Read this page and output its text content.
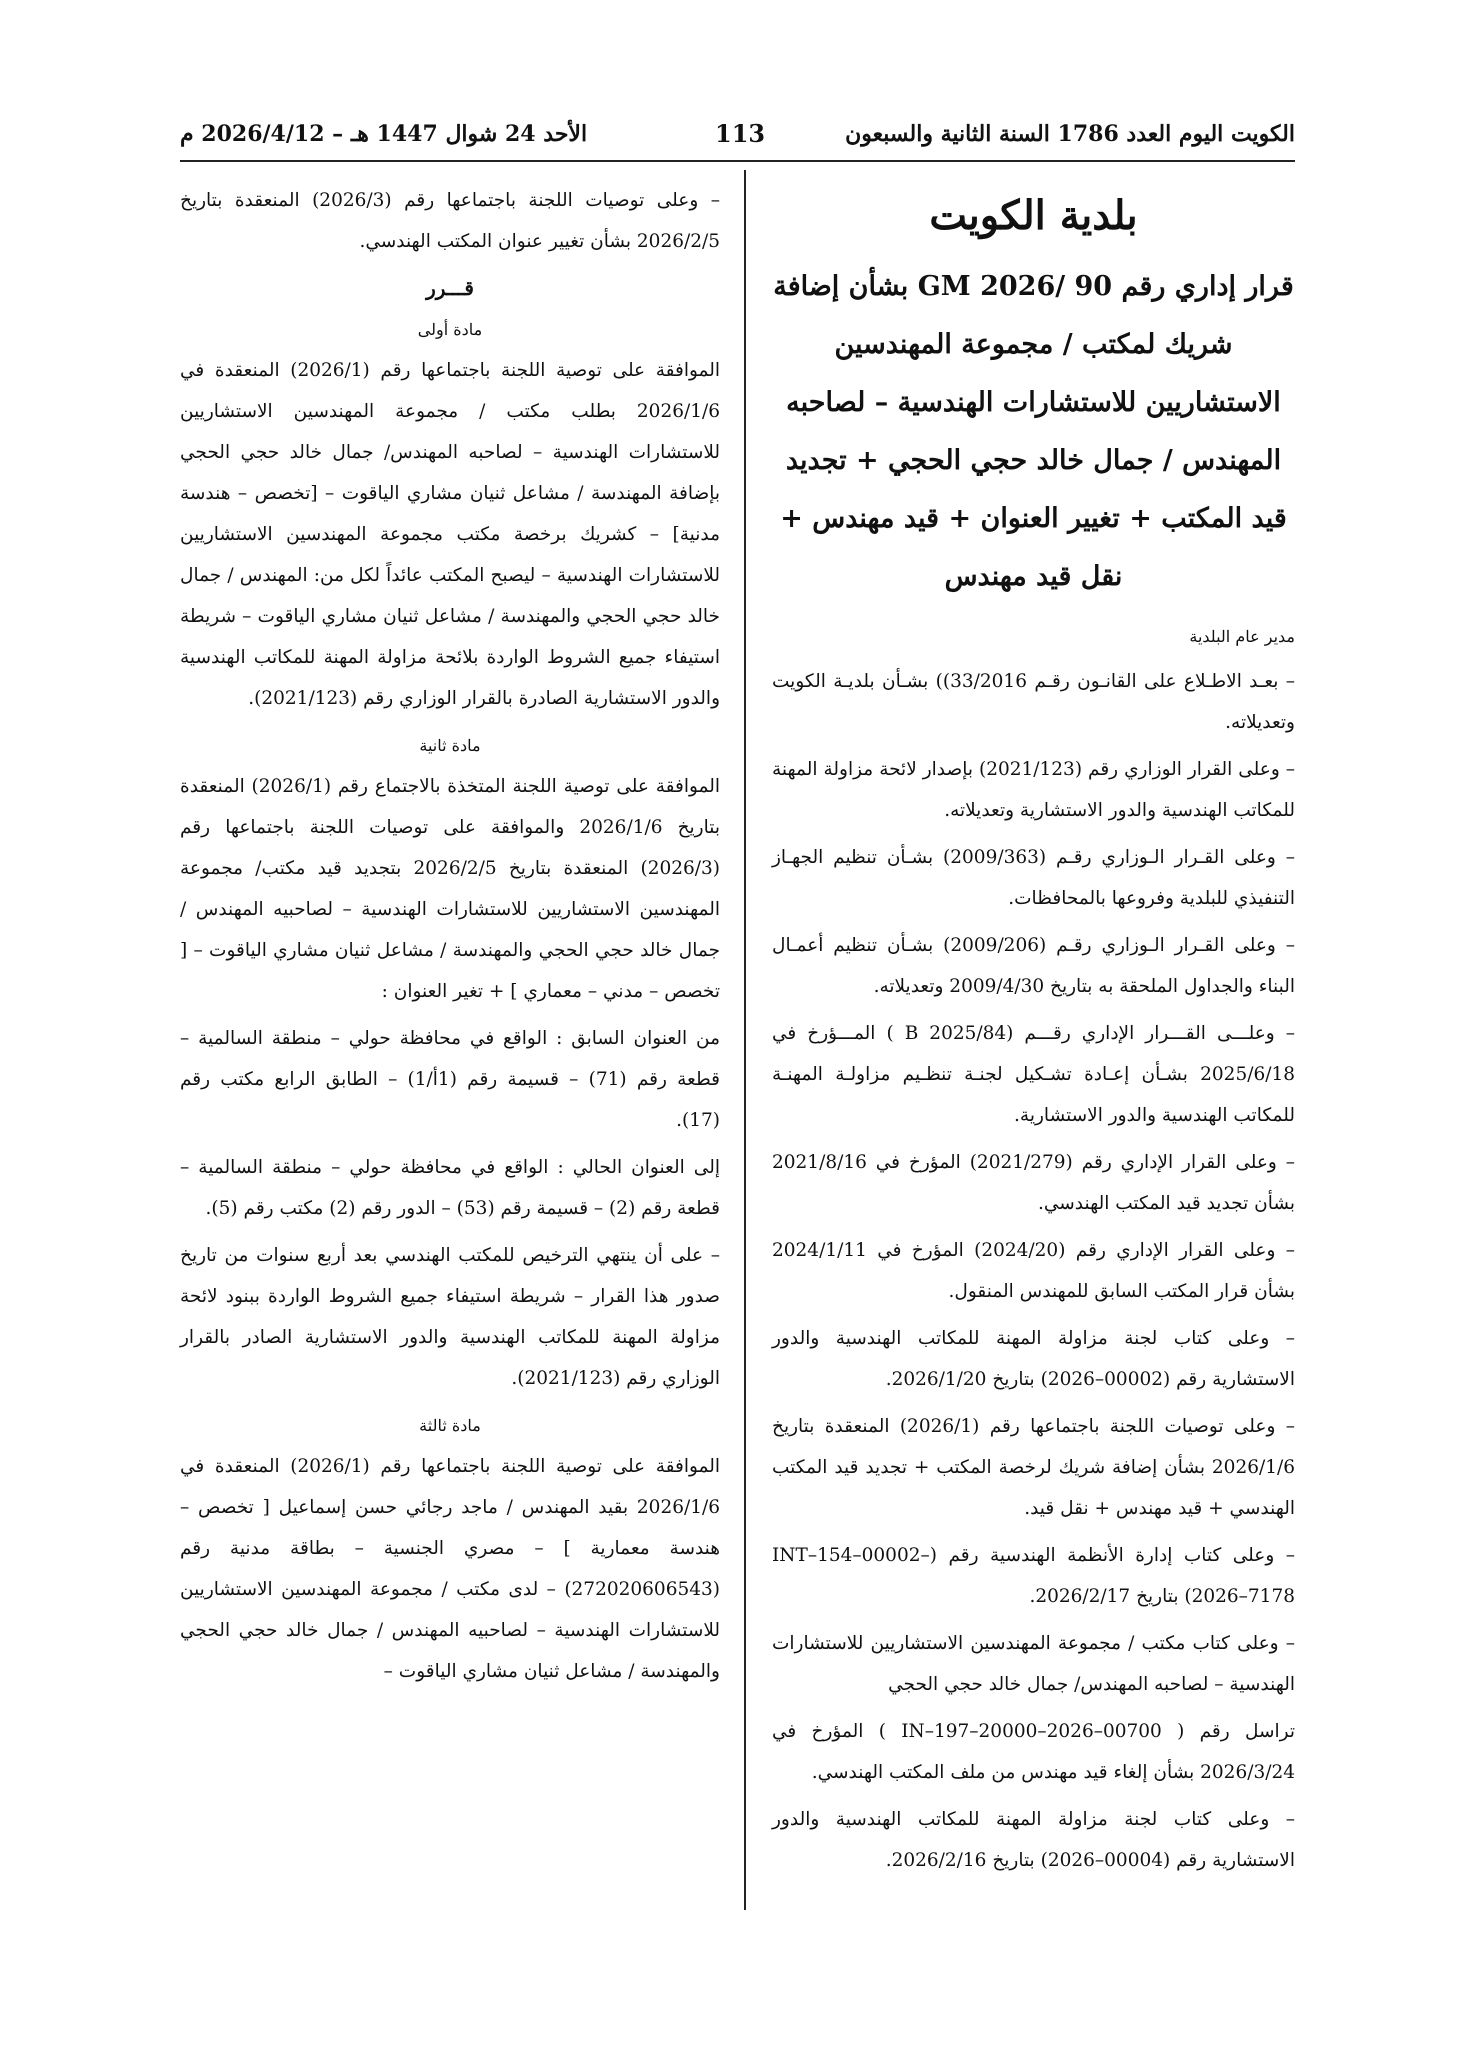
الكويت اليوم العدد 1786 السنة الثانية والسبعون
113
الأحد 24 شوال 1447 هـ – 2026/4/12 م
بلدية الكويت
قرار إداري رقم 90 /GM 2026 بشأن إضافة شريك لمكتب / مجموعة المهندسين الاستشاريين للاستشارات الهندسية – لصاحبه المهندس / جمال خالد حجي الحجي + تجديد قيد المكتب + تغيير العنوان + قيد مهندس + نقل قيد مهندس
مدير عام البلدية

– بعـد الاطـلاع على القانـون رقـم 33/2016)) بشـأن بلديـة الكويت وتعديلاته.

– وعلى القرار الوزاري رقم (2021/123) بإصدار لائحة مزاولة المهنة للمكاتب الهندسية والدور الاستشارية وتعديلاته.

– وعلى القـرار الـوزاري رقـم (2009/363) بشـأن تنظيم الجهـاز التنفيذي للبلدية وفروعها بالمحافظات.

– وعلى القـرار الـوزاري رقـم (2009/206) بشـأن تنظيم أعمـال البناء والجداول الملحقة به بتاريخ 2009/4/30 وتعديلاته.

– وعلـــى القـــرار الإداري رقـــم (B 2025/84 ) المـــؤرخ في 2025/6/18 بشـأن إعـادة تشـكيل لجنـة تنظـيم مزاولـة المهنـة للمكاتب الهندسية والدور الاستشارية.

– وعلى القرار الإداري رقم (2021/279) المؤرخ في 2021/8/16 بشأن تجديد قيد المكتب الهندسي.

– وعلى القرار الإداري رقم (2024/20) المؤرخ في 2024/1/11 بشأن قرار المكتب السابق للمهندس المنقول.

– وعلى كتاب لجنة مزاولة المهنة للمكاتب الهندسية والدور الاستشارية رقم (00002–2026) بتاريخ 2026/1/20.

– وعلى توصيات اللجنة باجتماعها رقم (2026/1) المنعقدة بتاريخ 2026/1/6 بشأن إضافة شريك لرخصة المكتب + تجديد قيد المكتب الهندسي + قيد مهندس + نقل قيد.

– وعلى كتاب إدارة الأنظمة الهندسية رقم (INT–154–00002–2026–7178) بتاريخ 2026/2/17.

– وعلى كتاب مكتب / مجموعة المهندسين الاستشاريين للاستشارات الهندسية – لصاحبه المهندس/ جمال خالد حجي الحجي

تراسل رقم ( IN–197–20000–2026–00700 ) المؤرخ في 2026/3/24 بشأن إلغاء قيد مهندس من ملف المكتب الهندسي.

– وعلى كتاب لجنة مزاولة المهنة للمكاتب الهندسية والدور الاستشارية رقم (00004–2026) بتاريخ 2026/2/16.

– وعلى توصيات اللجنة باجتماعها رقم (2026/3) المنعقدة بتاريخ 2026/2/5 بشأن تغيير عنوان المكتب الهندسي.

قـــرر
مادة أولى

الموافقة على توصية اللجنة باجتماعها رقم (2026/1) المنعقدة في 2026/1/6 بطلب مكتب / مجموعة المهندسين الاستشاريين للاستشارات الهندسية – لصاحبه المهندس/ جمال خالد حجي الحجي بإضافة المهندسة / مشاعل ثنيان مشاري الياقوت – [تخصص – هندسة مدنية] – كشريك برخصة مكتب مجموعة المهندسين الاستشاريين للاستشارات الهندسية – ليصبح المكتب عائداً لكل من: المهندس / جمال خالد حجي الحجي والمهندسة / مشاعل ثنيان مشاري الياقوت – شريطة استيفاء جميع الشروط الواردة بلائحة مزاولة المهنة للمكاتب الهندسية والدور الاستشارية الصادرة بالقرار الوزاري رقم (2021/123).

مادة ثانية

الموافقة على توصية اللجنة المتخذة بالاجتماع رقم (2026/1) المنعقدة بتاريخ 2026/1/6 والموافقة على توصيات اللجنة باجتماعها رقم (2026/3) المنعقدة بتاريخ 2026/2/5 بتجديد قيد مكتب/ مجموعة المهندسين الاستشاريين للاستشارات الهندسية – لصاحبيه المهندس / جمال خالد حجي الحجي والمهندسة / مشاعل ثنيان مشاري الياقوت – [ تخصص – مدني – معماري ] + تغير العنوان :

من العنوان السابق : الواقع في محافظة حولي – منطقة السالمية – قطعة رقم (71) – قسيمة رقم (1أ/1) – الطابق الرابع مكتب رقم (17).

إلى العنوان الحالي : الواقع في محافظة حولي – منطقة السالمية – قطعة رقم (2) – قسيمة رقم (53) – الدور رقم (2) مكتب رقم (5).

– على أن ينتهي الترخيص للمكتب الهندسي بعد أربع سنوات من تاريخ صدور هذا القرار – شريطة استيفاء جميع الشروط الواردة ببنود لائحة مزاولة المهنة للمكاتب الهندسية والدور الاستشارية الصادر بالقرار الوزاري رقم (2021/123).

مادة ثالثة

الموافقة على توصية اللجنة باجتماعها رقم (2026/1) المنعقدة في 2026/1/6 بقيد المهندس / ماجد رجائي حسن إسماعيل [ تخصص – هندسة معمارية ] – مصري الجنسية – بطاقة مدنية رقم (272020606543) – لدى مكتب / مجموعة المهندسين الاستشاريين للاستشارات الهندسية – لصاحبيه المهندس / جمال خالد حجي الحجي والمهندسة / مشاعل ثنيان مشاري الياقوت –
